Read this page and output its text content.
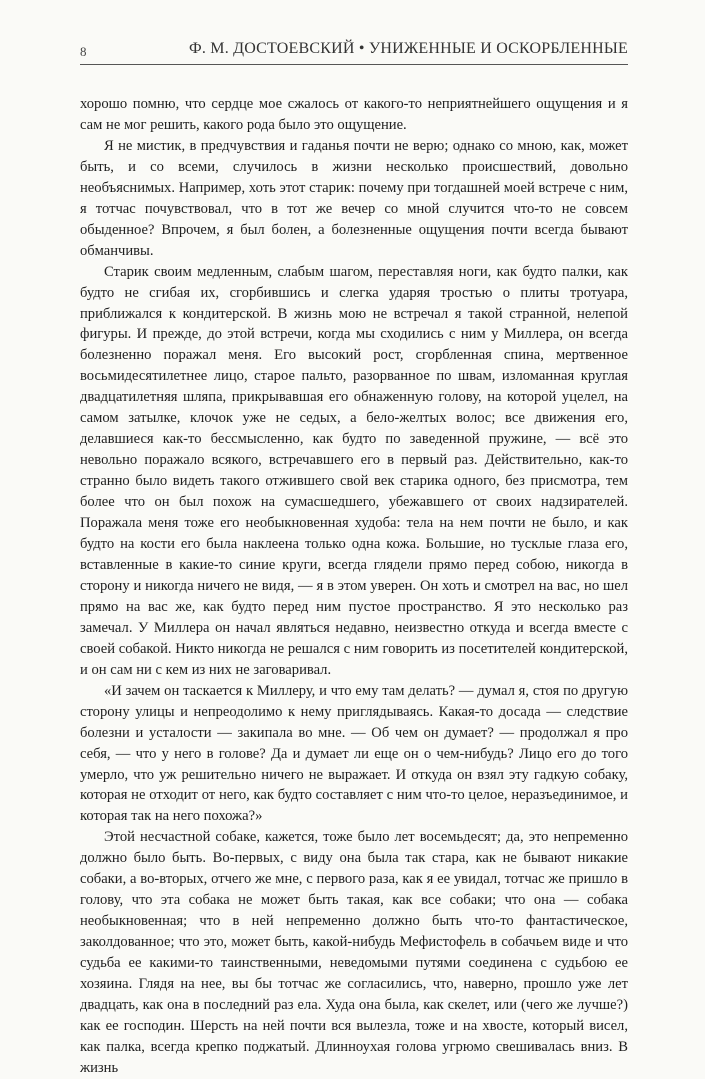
8	Ф. М. ДОСТОЕВСКИЙ • УНИЖЕННЫЕ И ОСКОРБЛЕННЫЕ

хорошо помню, что сердце мое сжалось от какого-то неприятнейшего ощущения и я сам не мог решить, какого рода было это ощущение.

Я не мистик, в предчувствия и гаданья почти не верю; однако со мною, как, может быть, и со всеми, случилось в жизни несколько происшествий, довольно необъяснимых. Например, хоть этот старик: почему при тогдашней моей встрече с ним, я тотчас почувствовал, что в тот же вечер со мной случится что-то не совсем обыденное? Впрочем, я был болен, а болезненные ощущения почти всегда бывают обманчивы.

Старик своим медленным, слабым шагом, переставляя ноги, как будто палки, как будто не сгибая их, сгорбившись и слегка ударяя тростью о плиты тротуара, приближался к кондитерской. В жизнь мою не встречал я такой странной, нелепой фигуры. И прежде, до этой встречи, когда мы сходились с ним у Миллера, он всегда болезненно поражал меня. Его высокий рост, сгорбленная спина, мертвенное восьмидесятилетнее лицо, старое пальто, разорванное по швам, изломанная круглая двадцатилетняя шляпа, прикрывавшая его обнаженную голову, на которой уцелел, на самом затылке, клочок уже не седых, а бело-желтых волос; все движения его, делавшиеся как-то бессмысленно, как будто по заведенной пружине, — всё это невольно поражало всякого, встречавшего его в первый раз. Действительно, как-то странно было видеть такого отжившего свой век старика одного, без присмотра, тем более что он был похож на сумасшедшего, убежавшего от своих надзирателей. Поражала меня тоже его необыкновенная худоба: тела на нем почти не было, и как будто на кости его была наклеена только одна кожа. Большие, но тусклые глаза его, вставленные в какие-то синие круги, всегда глядели прямо перед собою, никогда в сторону и никогда ничего не видя, — я в этом уверен. Он хоть и смотрел на вас, но шел прямо на вас же, как будто перед ним пустое пространство. Я это несколько раз замечал. У Миллера он начал являться недавно, неизвестно откуда и всегда вместе с своей собакой. Никто никогда не решался с ним говорить из посетителей кондитерской, и он сам ни с кем из них не заговаривал.

«И зачем он таскается к Миллеру, и что ему там делать? — думал я, стоя по другую сторону улицы и непреодолимо к нему приглядываясь. Какая-то досада — следствие болезни и усталости — закипала во мне. — Об чем он думает? — продолжал я про себя, — что у него в голове? Да и думает ли еще он о чем-нибудь? Лицо его до того умерло, что уж решительно ничего не выражает. И откуда он взял эту гадкую собаку, которая не отходит от него, как будто составляет с ним что-то целое, неразъединимое, и которая так на него похожа?»

Этой несчастной собаке, кажется, тоже было лет восемьдесят; да, это непременно должно было быть. Во-первых, с виду она была так стара, как не бывают никакие собаки, а во-вторых, отчего же мне, с первого раза, как я ее увидал, тотчас же пришло в голову, что эта собака не может быть такая, как все собаки; что она — собака необыкновенная; что в ней непременно должно быть что-то фантастическое, заколдованное; что это, может быть, какой-нибудь Мефистофель в собачьем виде и что судьба ее какими-то таинственными, неведомыми путями соединена с судьбою ее хозяина. Глядя на нее, вы бы тотчас же согласились, что, наверно, прошло уже лет двадцать, как она в последний раз ела. Худа она была, как скелет, или (чего же лучше?) как ее господин. Шерсть на ней почти вся вылезла, тоже и на хвосте, который висел, как палка, всегда крепко поджатый. Длинноухая голова угрюмо свешивалась вниз. В жизнь
